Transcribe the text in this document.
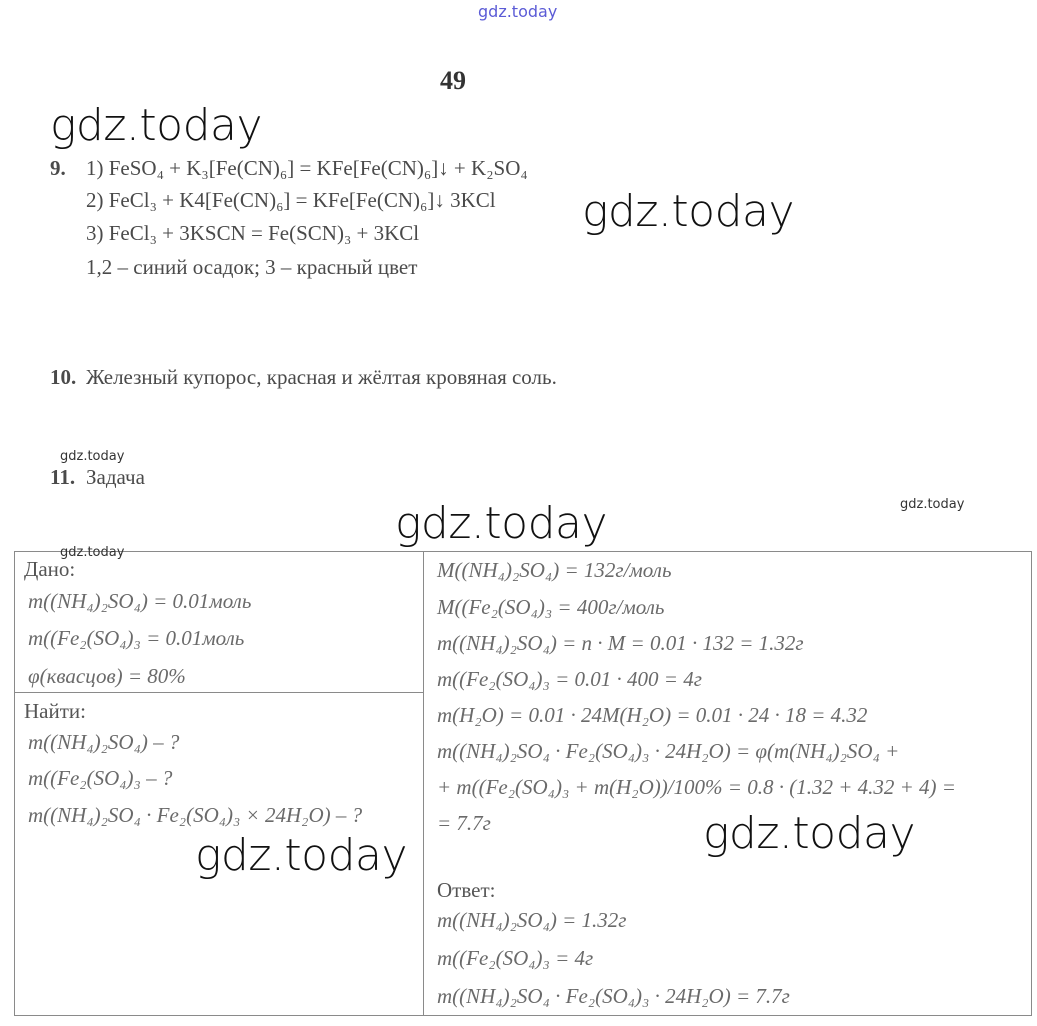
gdz.today
49
gdz.today
9. 1) FeSO₄ + K₃[Fe(CN)₆] = KFe[Fe(CN)₆]↓ + K₂SO₄
2) FeCl₃ + K4[Fe(CN)₆] = KFe[Fe(CN)₆]↓ 3KCl
3) FeCl₃ + 3KSCN = Fe(SCN)₃ + 3KCl
1,2 – синий осадок; 3 – красный цвет
gdz.today
10. Железный купорос, красная и жёлтая кровяная соль.
gdz.today
11. Задача
gdz.today
gdz.today
gdz.today
Дано:
m((NH₄)₂SO₄) = 0.01моль
m((Fe₂(SO₄)₃ = 0.01моль
φ(квасцов) = 80%
Найти:
m((NH₄)₂SO₄) – ?
m((Fe₂(SO₄)₃ – ?
m((NH₄)₂SO₄ · Fe₂(SO₄)₃ × 24H₂O) – ?
gdz.today
M((NH₄)₂SO₄) = 132г/моль
M((Fe₂(SO₄)₃ = 400г/моль
m((NH₄)₂SO₄) = n · M = 0.01 · 132 = 1.32г
m((Fe₂(SO₄)₃ = 0.01 · 400 = 4г
m(H₂O) = 0.01 · 24M(H₂O) = 0.01 · 24 · 18 = 4.32
m((NH₄)₂SO₄ · Fe₂(SO₄)₃ · 24H₂O) = φ(m(NH₄)₂SO₄ +
+ m((Fe₂(SO₄)₃ + m(H₂O))/100% = 0.8 · (1.32 + 4.32 + 4) =
= 7.7г	gdz.today
Ответ:
m((NH₄)₂SO₄) = 1.32г
m((Fe₂(SO₄)₃ = 4г
m((NH₄)₂SO₄ · Fe₂(SO₄)₃ · 24H₂O) = 7.7г
